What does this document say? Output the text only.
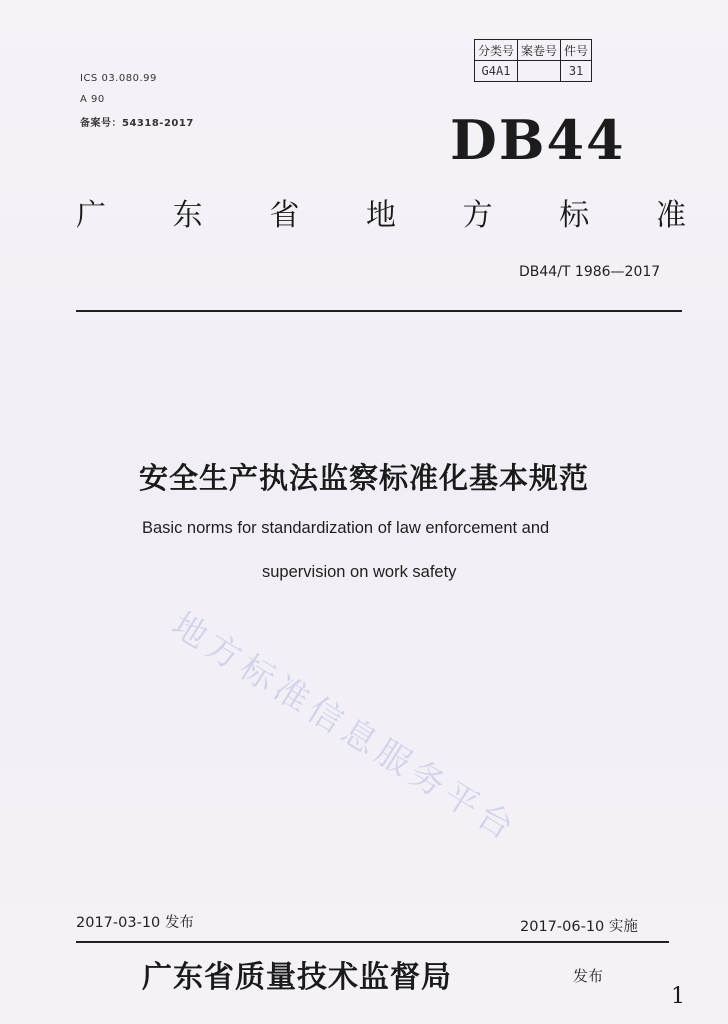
ICS 03.080.99
A 90
备案号：54318-2017
分类号	案卷号	件号
G4A1		31
DB44
广 东 省 地 方 标 准
DB44/T 1986—2017
安全生产执法监察标准化基本规范
Basic norms for standardization of law enforcement and
supervision on work safety
地方标准信息服务平台
2017-03-10 发布	2017-06-10 实施
广东省质量技术监督局	发布
1
